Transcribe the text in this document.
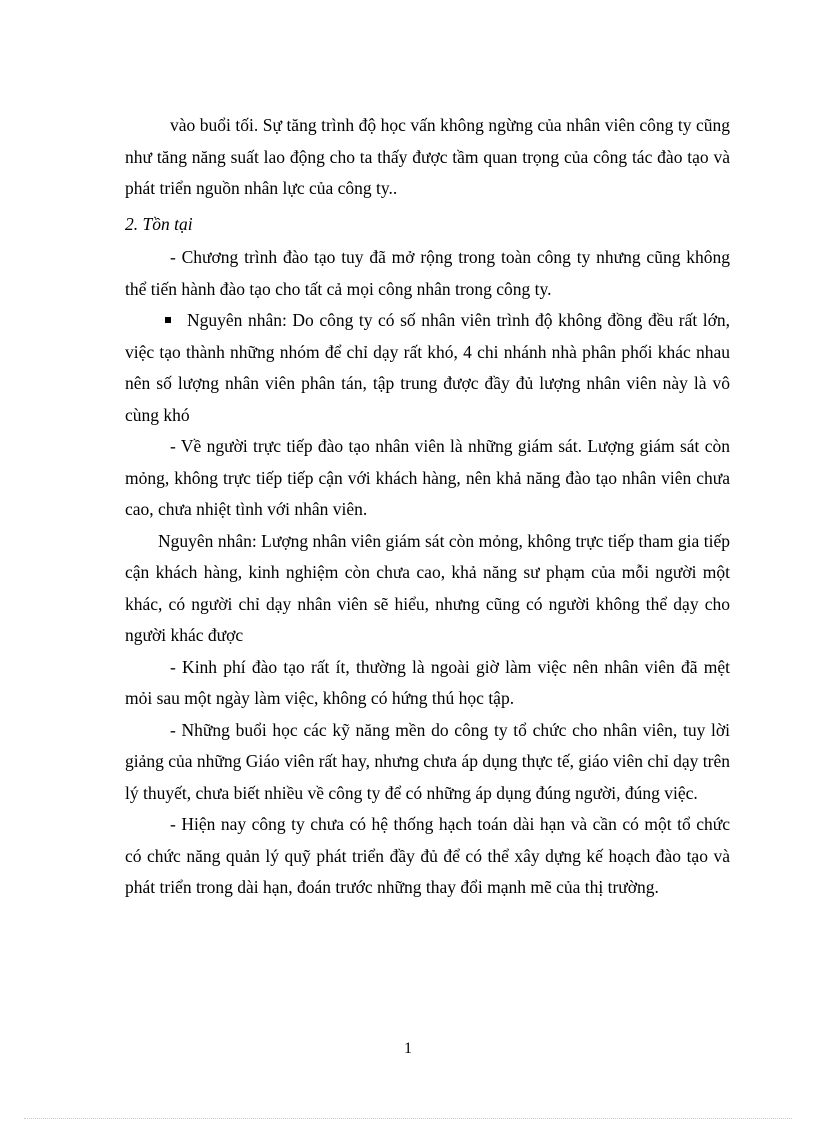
vào buổi tối. Sự tăng trình độ học vấn không ngừng của nhân viên công ty cũng như tăng năng suất lao động cho ta thấy được tầm quan trọng của công tác đào tạo và phát triển nguồn nhân lực của công ty..

2. Tồn tại

- Chương trình đào tạo tuy đã mở rộng trong toàn công ty nhưng cũng không thể tiến hành đào tạo cho tất cả mọi công nhân trong công ty.

Nguyên nhân: Do công ty có số nhân viên trình độ không đồng đều rất lớn, việc tạo thành những nhóm để chỉ dạy rất khó, 4 chi nhánh nhà phân phối khác nhau nên số lượng nhân viên phân tán, tập trung được đầy đủ lượng nhân viên này là vô cùng khó

- Về người trực tiếp đào tạo nhân viên là những giám sát. Lượng giám sát còn mỏng, không trực tiếp tiếp cận với khách hàng, nên khả năng đào tạo nhân viên chưa cao, chưa nhiệt tình với nhân viên.

Nguyên nhân: Lượng nhân viên giám sát còn mỏng, không trực tiếp tham gia tiếp cận khách hàng, kinh nghiệm còn chưa cao, khả năng sư phạm của mỗi người một khác, có người chỉ dạy nhân viên sẽ hiểu, nhưng cũng có người không thể dạy cho người khác được

- Kinh phí đào tạo rất ít, thường là ngoài giờ làm việc nên nhân viên đã mệt mỏi sau một ngày làm việc, không có hứng thú học tập.

- Những buổi học các kỹ năng mền do công ty tổ chức cho nhân viên, tuy lời giảng của những Giáo viên rất hay, nhưng chưa áp dụng thực tế, giáo viên chỉ dạy trên lý thuyết, chưa biết nhiều về công ty để có những áp dụng đúng người, đúng việc.

- Hiện nay công ty chưa có hệ thống hạch toán dài hạn và cần có một tổ chức có chức năng quản lý quỹ phát triển đầy đủ để có thể xây dựng kế hoạch đào tạo và phát triển trong dài hạn, đoán trước những thay đổi mạnh mẽ của thị trường.

1
